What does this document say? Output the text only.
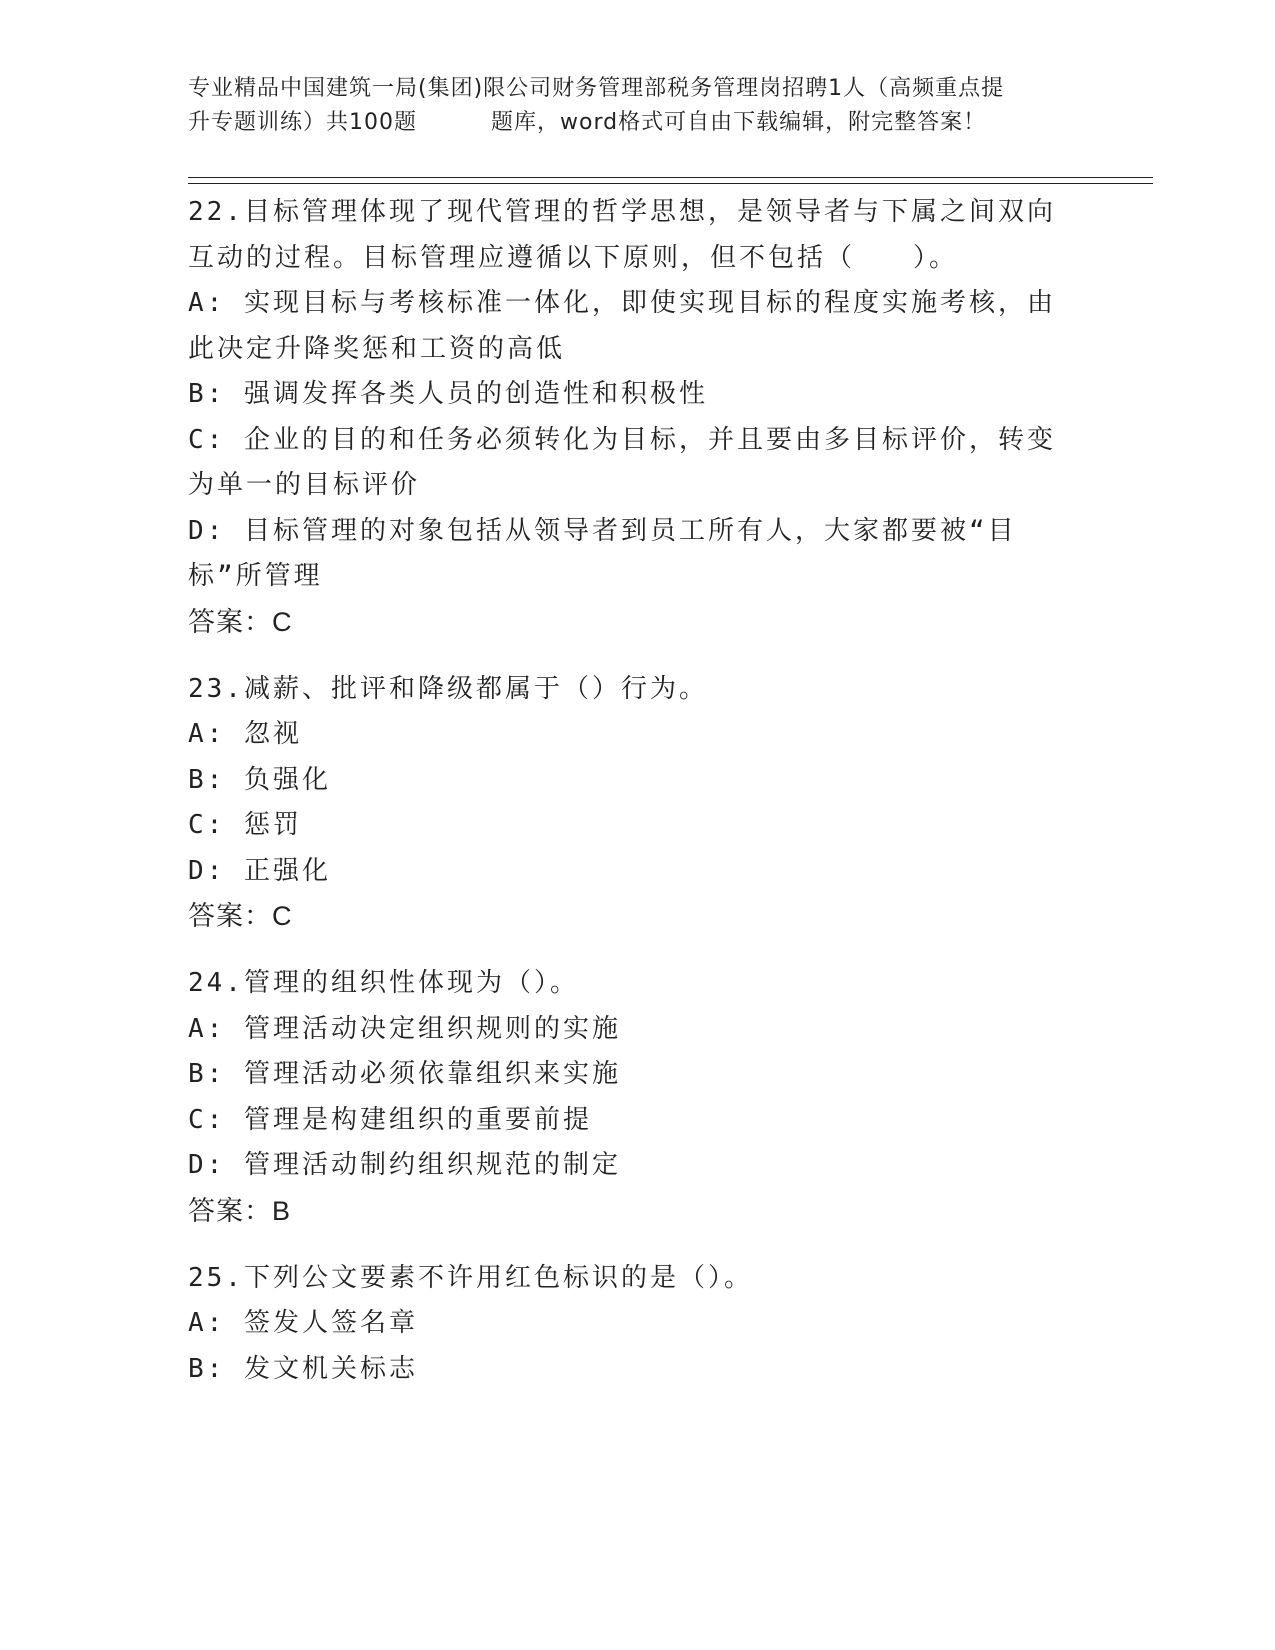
专业精品中国建筑一局(集团)限公司财务管理部税务管理岗招聘1人（高频重点提
升专题训练）共100题	题库，word格式可自由下载编辑，附完整答案！
22.目标管理体现了现代管理的哲学思想，是领导者与下属之间双向互动的过程。目标管理应遵循以下原则，但不包括（　　）。
A: 实现目标与考核标准一体化，即使实现目标的程度实施考核，由此决定升降奖惩和工资的高低
B: 强调发挥各类人员的创造性和积极性
C: 企业的目的和任务必须转化为目标，并且要由多目标评价，转变为单一的目标评价
D: 目标管理的对象包括从领导者到员工所有人，大家都要被“目标”所管理
答案：C
23.减薪、批评和降级都属于（）行为。
A: 忽视
B: 负强化
C: 惩罚
D: 正强化
答案：C
24.管理的组织性体现为（）。
A: 管理活动决定组织规则的实施
B: 管理活动必须依靠组织来实施
C: 管理是构建组织的重要前提
D: 管理活动制约组织规范的制定
答案：B
25.下列公文要素不许用红色标识的是（）。
A: 签发人签名章
B: 发文机关标志
